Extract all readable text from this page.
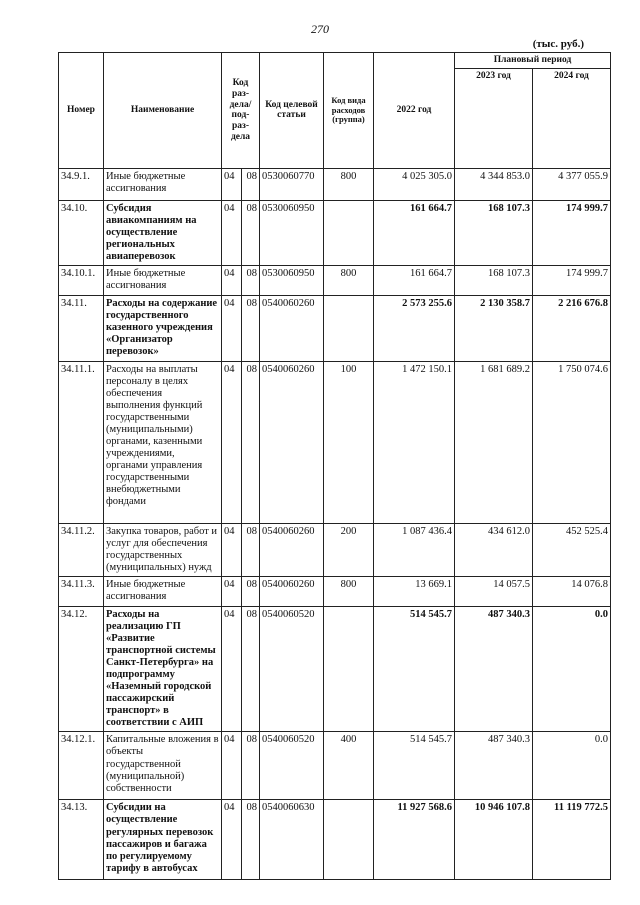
270
(тыс. руб.)
Номер	Наименование	Код раз-дела/ под-раз-дела		Код целевой статьи	Код вида расходов (группа)	2022 год	Плановый период	
							2023 год	2024 год
34.9.1.	Иные бюджетные ассигнования	04	08	0530060770	800	4 025 305.0	4 344 853.0	4 377 055.9
34.10.	Субсидия авиакомпаниям на осуществление региональных авиаперевозок	04	08	0530060950		161 664.7	168 107.3	174 999.7
34.10.1.	Иные бюджетные ассигнования	04	08	0530060950	800	161 664.7	168 107.3	174 999.7
34.11.	Расходы на содержание государственного казенного учреждения «Организатор перевозок»	04	08	0540060260		2 573 255.6	2 130 358.7	2 216 676.8
34.11.1.	Расходы на выплаты персоналу в целях обеспечения выполнения функций государственными (муниципальными) органами, казенными учреждениями, органами управления государственными внебюджетными фондами	04	08	0540060260	100	1 472 150.1	1 681 689.2	1 750 074.6
34.11.2.	Закупка товаров, работ и услуг для обеспечения государственных (муниципальных) нужд	04	08	0540060260	200	1 087 436.4	434 612.0	452 525.4
34.11.3.	Иные бюджетные ассигнования	04	08	0540060260	800	13 669.1	14 057.5	14 076.8
34.12.	Расходы на реализацию ГП «Развитие транспортной системы Санкт-Петербурга» на подпрограмму «Наземный городской пассажирский транспорт» в соответствии с АИП	04	08	0540060520		514 545.7	487 340.3	0.0
34.12.1.	Капитальные вложения в объекты государственной (муниципальной) собственности	04	08	0540060520	400	514 545.7	487 340.3	0.0
34.13.	Субсидии на осуществление регулярных перевозок пассажиров и багажа по регулируемому тарифу в автобусах	04	08	0540060630		11 927 568.6	10 946 107.8	11 119 772.5
